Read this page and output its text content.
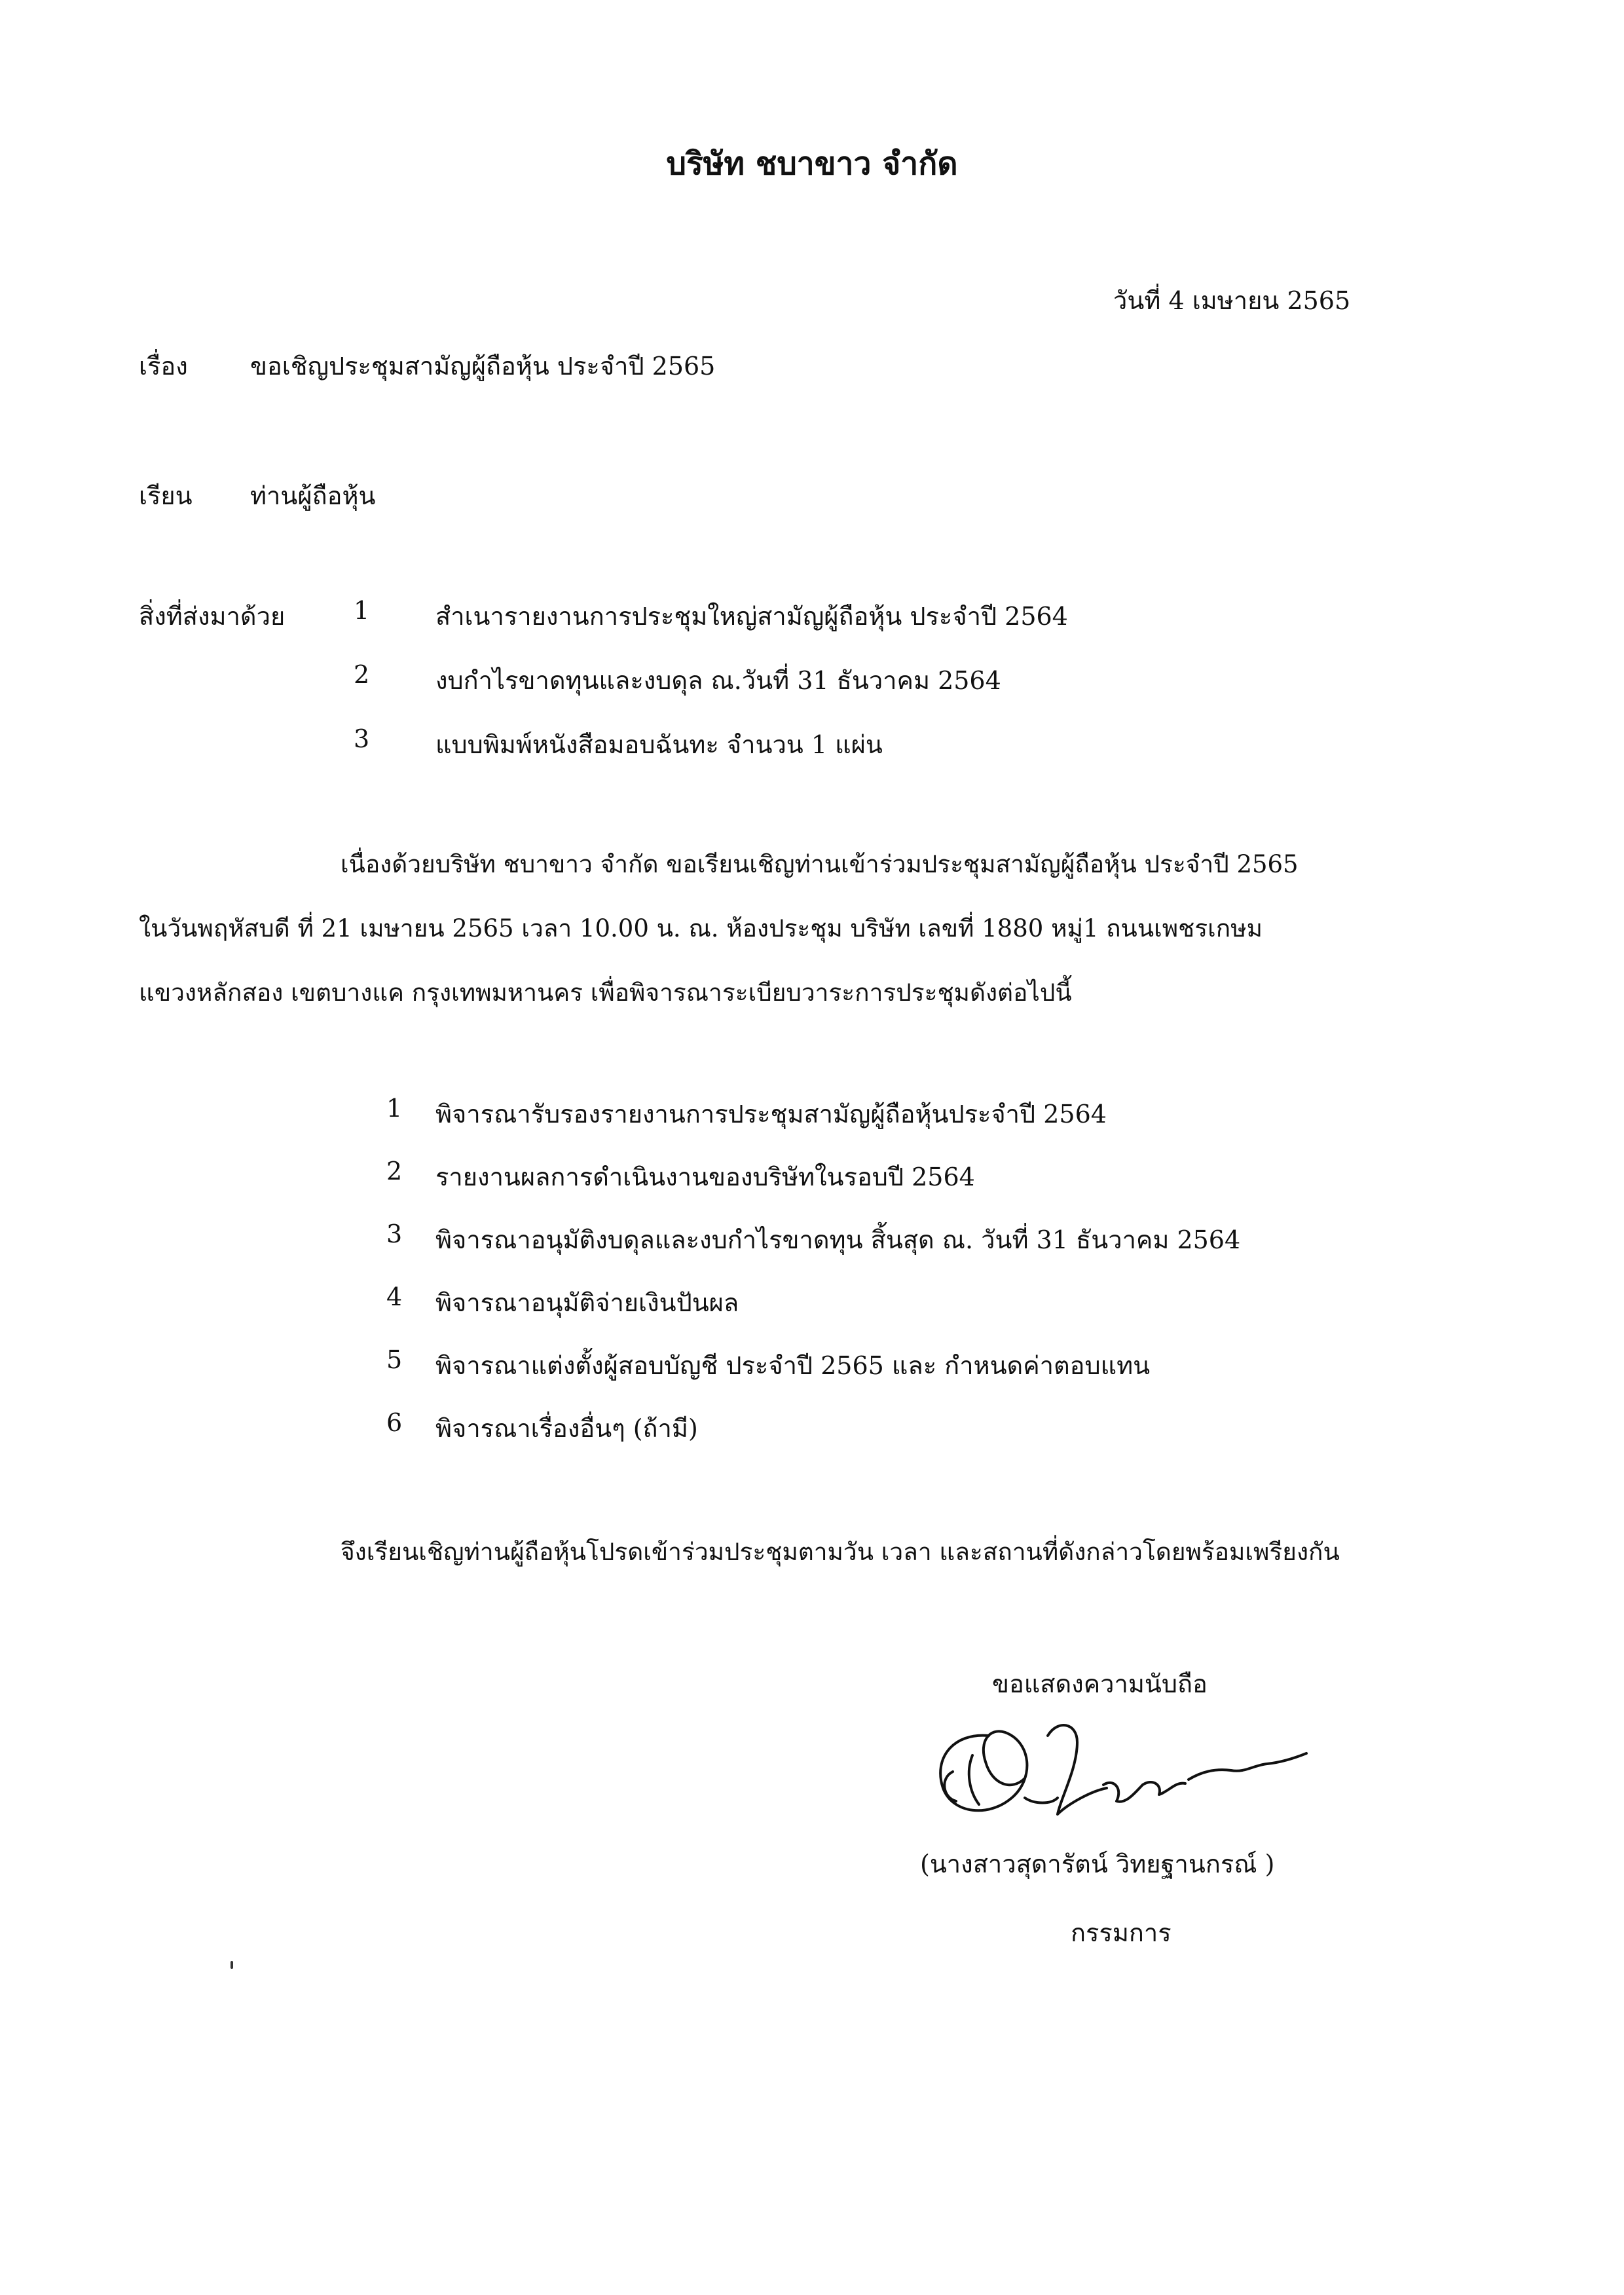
บริษัท ชบาขาว จำกัด
วันที่ 4 เมษายน 2565
เรื่อง	ขอเชิญประชุมสามัญผู้ถือหุ้น ประจำปี 2565
เรียน ท่านผู้ถือหุ้น
สิ่งที่ส่งมาด้วย	1	สำเนารายงานการประชุมใหญ่สามัญผู้ถือหุ้น ประจำปี 2564
2	งบกำไรขาดทุนและงบดุล ณ.วันที่ 31 ธันวาคม 2564
3	แบบพิมพ์หนังสือมอบฉันทะ จำนวน 1 แผ่น
เนื่องด้วยบริษัท ชบาขาว จำกัด ขอเรียนเชิญท่านเข้าร่วมประชุมสามัญผู้ถือหุ้น ประจำปี 2565
ในวันพฤหัสบดี ที่ 21 เมษายน 2565 เวลา 10.00 น. ณ. ห้องประชุม บริษัท เลขที่ 1880 หมู่1 ถนนเพชรเกษม
แขวงหลักสอง เขตบางแค กรุงเทพมหานคร เพื่อพิจารณาระเบียบวาระการประชุมดังต่อไปนี้
1 พิจารณารับรองรายงานการประชุมสามัญผู้ถือหุ้นประจำปี 2564
2 รายงานผลการดำเนินงานของบริษัทในรอบปี 2564
3 พิจารณาอนุมัติงบดุลและงบกำไรขาดทุน สิ้นสุด ณ. วันที่ 31 ธันวาคม 2564
4 พิจารณาอนุมัติจ่ายเงินปันผล
5 พิจารณาแต่งตั้งผู้สอบบัญชี ประจำปี 2565 และ กำหนดค่าตอบแทน
6 พิจารณาเรื่องอื่นๆ (ถ้ามี)
จึงเรียนเชิญท่านผู้ถือหุ้นโปรดเข้าร่วมประชุมตามวัน เวลา และสถานที่ดังกล่าวโดยพร้อมเพรียงกัน
ขอแสดงความนับถือ
(นางสาวสุดารัตน์ วิทยฐานกรณ์ )
กรรมการ
